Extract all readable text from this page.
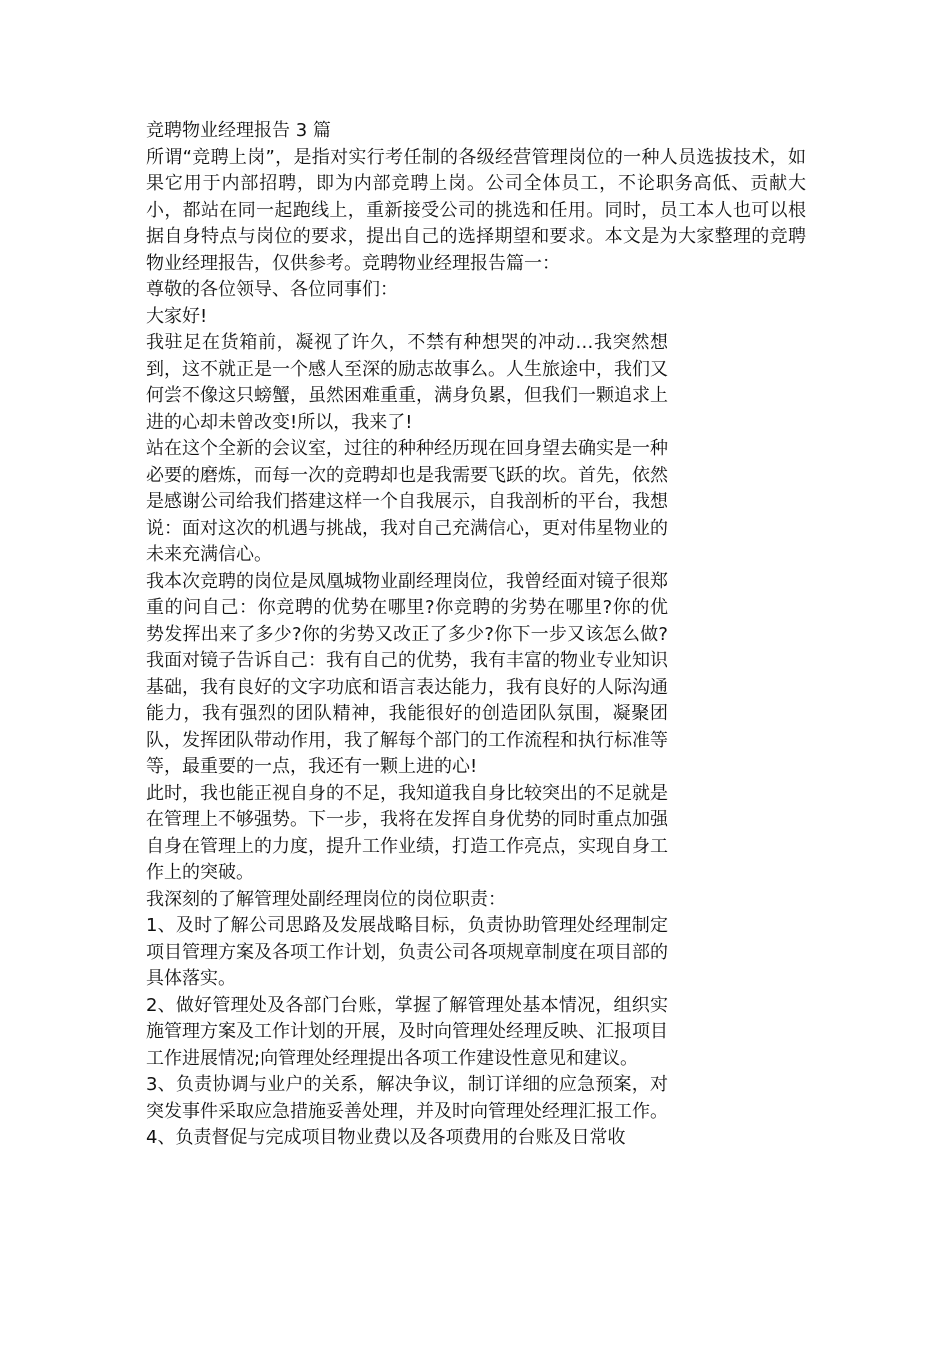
竞聘物业经理报告 3 篇

所谓“竞聘上岗”，是指对实行考任制的各级经营管理岗位的一种人员选拔技术，如果它用于内部招聘，即为内部竞聘上岗。公司全体员工，不论职务高低、贡献大小，都站在同一起跑线上，重新接受公司的挑选和任用。同时，员工本人也可以根据自身特点与岗位的要求，提出自己的选择期望和要求。本文是为大家整理的竞聘物业经理报告，仅供参考。竞聘物业经理报告篇一：

尊敬的各位领导、各位同事们：

大家好!

我驻足在货箱前，凝视了许久，不禁有种想哭的冲动…我突然想到，这不就正是一个感人至深的励志故事么。人生旅途中，我们又何尝不像这只螃蟹，虽然困难重重，满身负累，但我们一颗追求上进的心却未曾改变!所以，我来了!

站在这个全新的会议室，过往的种种经历现在回身望去确实是一种必要的磨炼，而每一次的竞聘却也是我需要飞跃的坎。首先，依然是感谢公司给我们搭建这样一个自我展示，自我剖析的平台，我想说：面对这次的机遇与挑战，我对自己充满信心，更对伟星物业的未来充满信心。

我本次竞聘的岗位是凤凰城物业副经理岗位，我曾经面对镜子很郑重的问自己：你竞聘的优势在哪里?你竞聘的劣势在哪里?你的优势发挥出来了多少?你的劣势又改正了多少?你下一步又该怎么做?我面对镜子告诉自己：我有自己的优势，我有丰富的物业专业知识基础，我有良好的文字功底和语言表达能力，我有良好的人际沟通能力，我有强烈的团队精神，我能很好的创造团队氛围，凝聚团队，发挥团队带动作用，我了解每个部门的工作流程和执行标准等等，最重要的一点，我还有一颗上进的心!

此时，我也能正视自身的不足，我知道我自身比较突出的不足就是在管理上不够强势。下一步，我将在发挥自身优势的同时重点加强自身在管理上的力度，提升工作业绩，打造工作亮点，实现自身工作上的突破。

我深刻的了解管理处副经理岗位的岗位职责：

1、及时了解公司思路及发展战略目标，负责协助管理处经理制定项目管理方案及各项工作计划，负责公司各项规章制度在项目部的具体落实。
2、做好管理处及各部门台账，掌握了解管理处基本情况，组织实施管理方案及工作计划的开展，及时向管理处经理反映、汇报项目工作进展情况;向管理处经理提出各项工作建设性意见和建议。
3、负责协调与业户的关系，解决争议，制订详细的应急预案，对突发事件采取应急措施妥善处理，并及时向管理处经理汇报工作。
4、负责督促与完成项目物业费以及各项费用的台账及日常收
